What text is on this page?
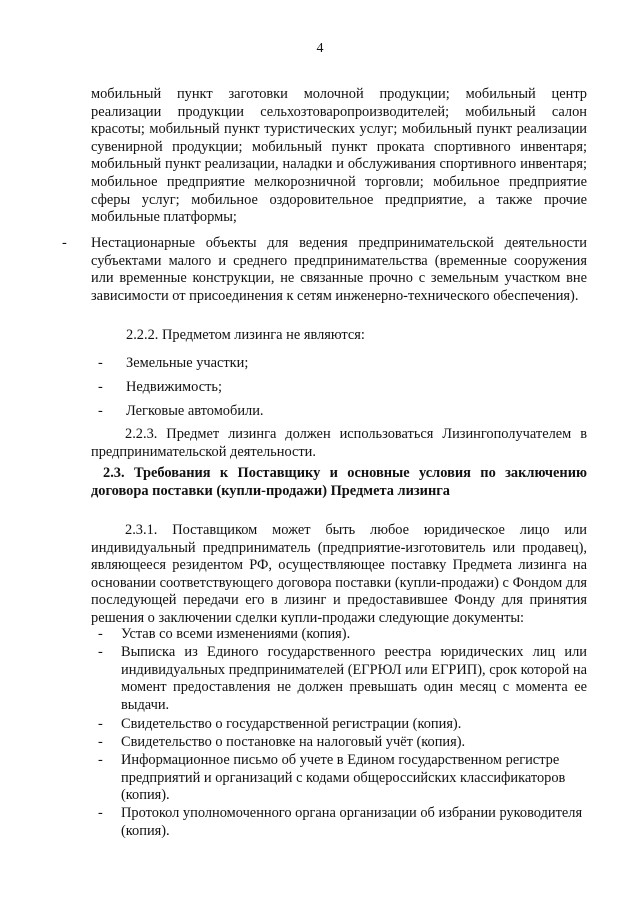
4
мобильный пункт заготовки молочной продукции; мобильный центр реализации продукции сельхозтоваропроизводителей; мобильный салон красоты; мобильный пункт туристических услуг; мобильный пункт реализации сувенирной продукции; мобильный пункт проката спортивного инвентаря; мобильный пункт реализации, наладки и обслуживания спортивного инвентаря; мобильное предприятие мелкорозничной торговли; мобильное предприятие сферы услуг; мобильное оздоровительное предприятие, а также прочие мобильные платформы;
- Нестационарные объекты для ведения предпринимательской деятельности субъектами малого и среднего предпринимательства (временные сооружения или временные конструкции, не связанные прочно с земельным участком вне зависимости от присоединения к сетям инженерно-технического обеспечения).
2.2.2. Предметом лизинга не являются:
- Земельные участки;
- Недвижимость;
- Легковые автомобили.
2.2.3. Предмет лизинга должен использоваться Лизингополучателем в предпринимательской деятельности.
2.3. Требования к Поставщику и основные условия по заключению договора поставки (купли-продажи) Предмета лизинга
2.3.1. Поставщиком может быть любое юридическое лицо или индивидуальный предприниматель (предприятие-изготовитель или продавец), являющееся резидентом РФ, осуществляющее поставку Предмета лизинга на основании соответствующего договора поставки (купли-продажи) с Фондом для последующей передачи его в лизинг и предоставившее Фонду для принятия решения о заключении сделки купли-продажи следующие документы:
- Устав со всеми изменениями (копия).
- Выписка из Единого государственного реестра юридических лиц или индивидуальных предпринимателей (ЕГРЮЛ или ЕГРИП), срок которой на момент предоставления не должен превышать один месяц с момента ее выдачи.
- Свидетельство о государственной регистрации (копия).
- Свидетельство о постановке на налоговый учёт (копия).
- Информационное письмо об учете в Едином государственном регистре предприятий и организаций с кодами общероссийских классификаторов (копия).
- Протокол уполномоченного органа организации об избрании руководителя (копия).
